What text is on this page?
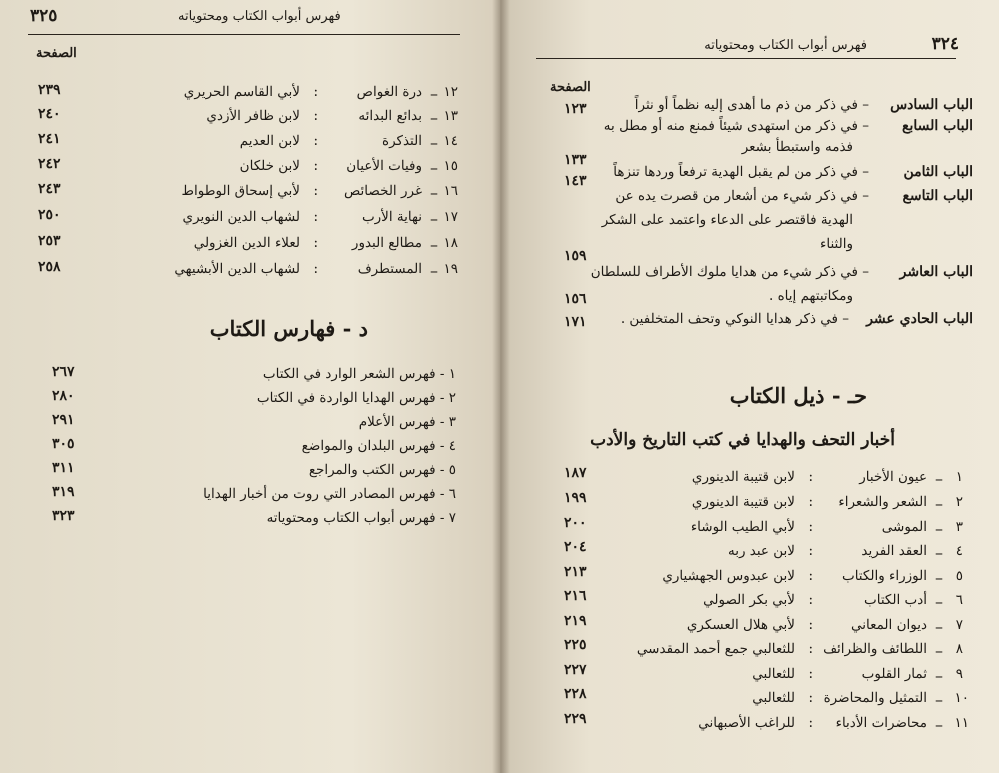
٣٢٥	فهرس أبواب الكتاب ومحتوياته
الصفحة
١٢
–
درة الغواص
:
لأبي القاسم الحريري
٢٣٩
١٣
–
بدائع البدائه
:
لابن ظافر الأزدي
٢٤٠
١٤
–
التذكرة
:
لابن العديم
٢٤١
١٥
–
وفيات الأعيان
:
لابن خلكان
٢٤٢
١٦
–
غرر الخصائص
:
لأبي إسحاق الوطواط
٢٤٣
١٧
–
نهاية الأرب
:
لشهاب الدين النويري
٢٥٠
١٨
–
مطالع البدور
:
لعلاء الدين الغزولي
٢٥٣
١٩
–
المستطرف
:
لشهاب الدين الأبشيهي
٢٥٨
د - فهارس الكتاب
١ - فهرس الشعر الوارد في الكتاب
٢٦٧
٢ - فهرس الهدايا الواردة في الكتاب
٢٨٠
٣ - فهرس الأعلام
٢٩١
٤ - فهرس البلدان والمواضع
٣٠٥
٥ - فهرس الكتب والمراجع
٣١١
٦ - فهرس المصادر التي روت من أخبار الهدايا
٣١٩
٧ - فهرس أبواب الكتاب ومحتوياته
٣٢٣
٣٢٤
فهرس أبواب الكتاب ومحتوياته
الصفحة
الباب السادس
– في ذكر من ذم ما أهدى إليه نظماً أو نثراً
١٢٣
الباب السابع
– في ذكر من استهدى شيئاً فمنع منه أو مطل به
فذمه واستبطأ بشعر
١٣٣
الباب الثامن
– في ذكر من لم يقبل الهدية ترفعاً وردها تنزهاً
١٤٣
الباب التاسع
– في ذكر شيء من أشعار من قصرت يده عن
الهدية فاقتصر على الدعاء واعتمد على الشكر
والثناء
١٥٩
الباب العاشر
– في ذكر شيء من هدايا ملوك الأطراف للسلطان
ومكاتبتهم إياه .
١٥٦
الباب الحادي عشر
– في ذكر هدايا النوكي وتحف المتخلفين .
١٧١
حـ - ذيل الكتاب
أخبار التحف والهدايا في كتب التاريخ والأدب
١
–
عيون الأخبار
:
لابن قتيبة الدينوري
١٨٧
٢
–
الشعر والشعراء
:
لابن قتيبة الدينوري
١٩٩
٣
–
الموشى
:
لأبي الطيب الوشاء
٢٠٠
٤
–
العقد الفريد
:
لابن عبد ربه
٢٠٤
٥
–
الوزراء والكتاب
:
لابن عبدوس الجهشياري
٢١٣
٦
–
أدب الكتاب
:
لأبي بكر الصولي
٢١٦
٧
–
ديوان المعاني
:
لأبي هلال العسكري
٢١٩
٨
–
اللطائف والظرائف
:
للثعالبي جمع أحمد المقدسي
٢٢٥
٩
–
ثمار القلوب
:
للثعالبي
٢٢٧
١٠
–
التمثيل والمحاضرة
:
للثعالبي
٢٢٨
١١
–
محاضرات الأدباء
:
للراغب الأصبهاني
٢٢٩
